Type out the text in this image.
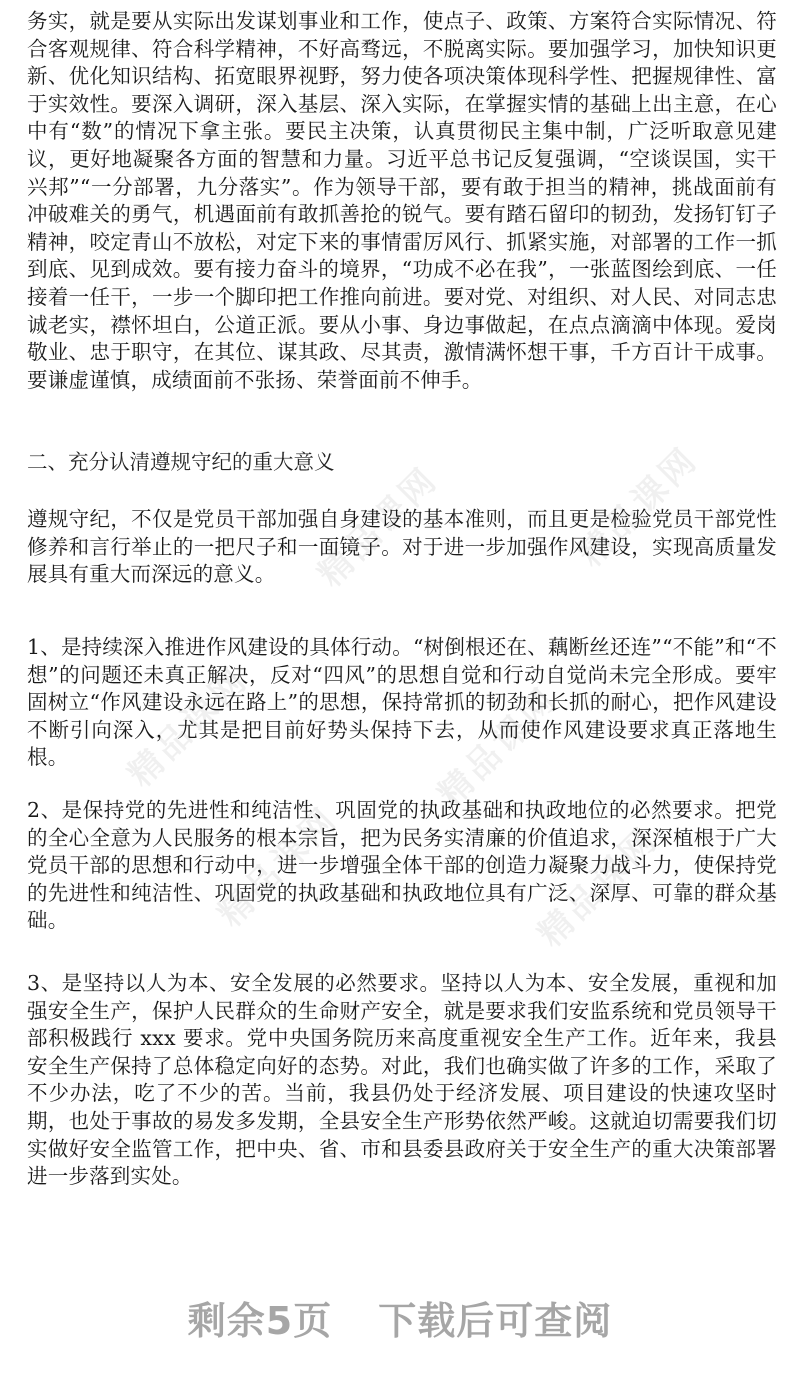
务实，就是要从实际出发谋划事业和工作，使点子、政策、方案符合实际情况、符合客观规律、符合科学精神，不好高骛远，不脱离实际。要加强学习，加快知识更新、优化知识结构、拓宽眼界视野，努力使各项决策体现科学性、把握规律性、富于实效性。要深入调研，深入基层、深入实际，在掌握实情的基础上出主意，在心中有“数”的情况下拿主张。要民主决策，认真贯彻民主集中制，广泛听取意见建议，更好地凝聚各方面的智慧和力量。习近平总书记反复强调，“空谈误国，实干兴邦”“一分部署，九分落实”。作为领导干部，要有敢于担当的精神，挑战面前有冲破难关的勇气，机遇面前有敢抓善抢的锐气。要有踏石留印的韧劲，发扬钉钉子精神，咬定青山不放松，对定下来的事情雷厉风行、抓紧实施，对部署的工作一抓到底、见到成效。要有接力奋斗的境界，“功成不必在我”，一张蓝图绘到底、一任接着一任干，一步一个脚印把工作推向前进。要对党、对组织、对人民、对同志忠诚老实，襟怀坦白，公道正派。要从小事、身边事做起，在点点滴滴中体现。爱岗敬业、忠于职守，在其位、谋其政、尽其责，激情满怀想干事，千方百计干成事。要谦虚谨慎，成绩面前不张扬、荣誉面前不伸手。

二、充分认清遵规守纪的重大意义

遵规守纪，不仅是党员干部加强自身建设的基本准则，而且更是检验党员干部党性修养和言行举止的一把尺子和一面镜子。对于进一步加强作风建设，实现高质量发展具有重大而深远的意义。

1、是持续深入推进作风建设的具体行动。“树倒根还在、藕断丝还连”“不能”和“不想”的问题还未真正解决，反对“四风”的思想自觉和行动自觉尚未完全形成。要牢固树立“作风建设永远在路上”的思想，保持常抓的韧劲和长抓的耐心，把作风建设不断引向深入，尤其是把目前好势头保持下去，从而使作风建设要求真正落地生根。

2、是保持党的先进性和纯洁性、巩固党的执政基础和执政地位的必然要求。把党的全心全意为人民服务的根本宗旨，把为民务实清廉的价值追求，深深植根于广大党员干部的思想和行动中，进一步增强全体干部的创造力凝聚力战斗力，使保持党的先进性和纯洁性、巩固党的执政基础和执政地位具有广泛、深厚、可靠的群众基础。

3、是坚持以人为本、安全发展的必然要求。坚持以人为本、安全发展，重视和加强安全生产，保护人民群众的生命财产安全，就是要求我们安监系统和党员领导干部积极践行 xxx 要求。党中央国务院历来高度重视安全生产工作。近年来，我县安全生产保持了总体稳定向好的态势。对此，我们也确实做了许多的工作，采取了不少办法，吃了不少的苦。当前，我县仍处于经济发展、项目建设的快速攻坚时期，也处于事故的易发多发期，全县安全生产形势依然严峻。这就迫切需要我们切实做好安全监管工作，把中央、省、市和县委县政府关于安全生产的重大决策部署进一步落到实处。

精品课网	精品课网
精品课网	精品课网
精品课网	精品课网
剩余5页 下载后可查阅
